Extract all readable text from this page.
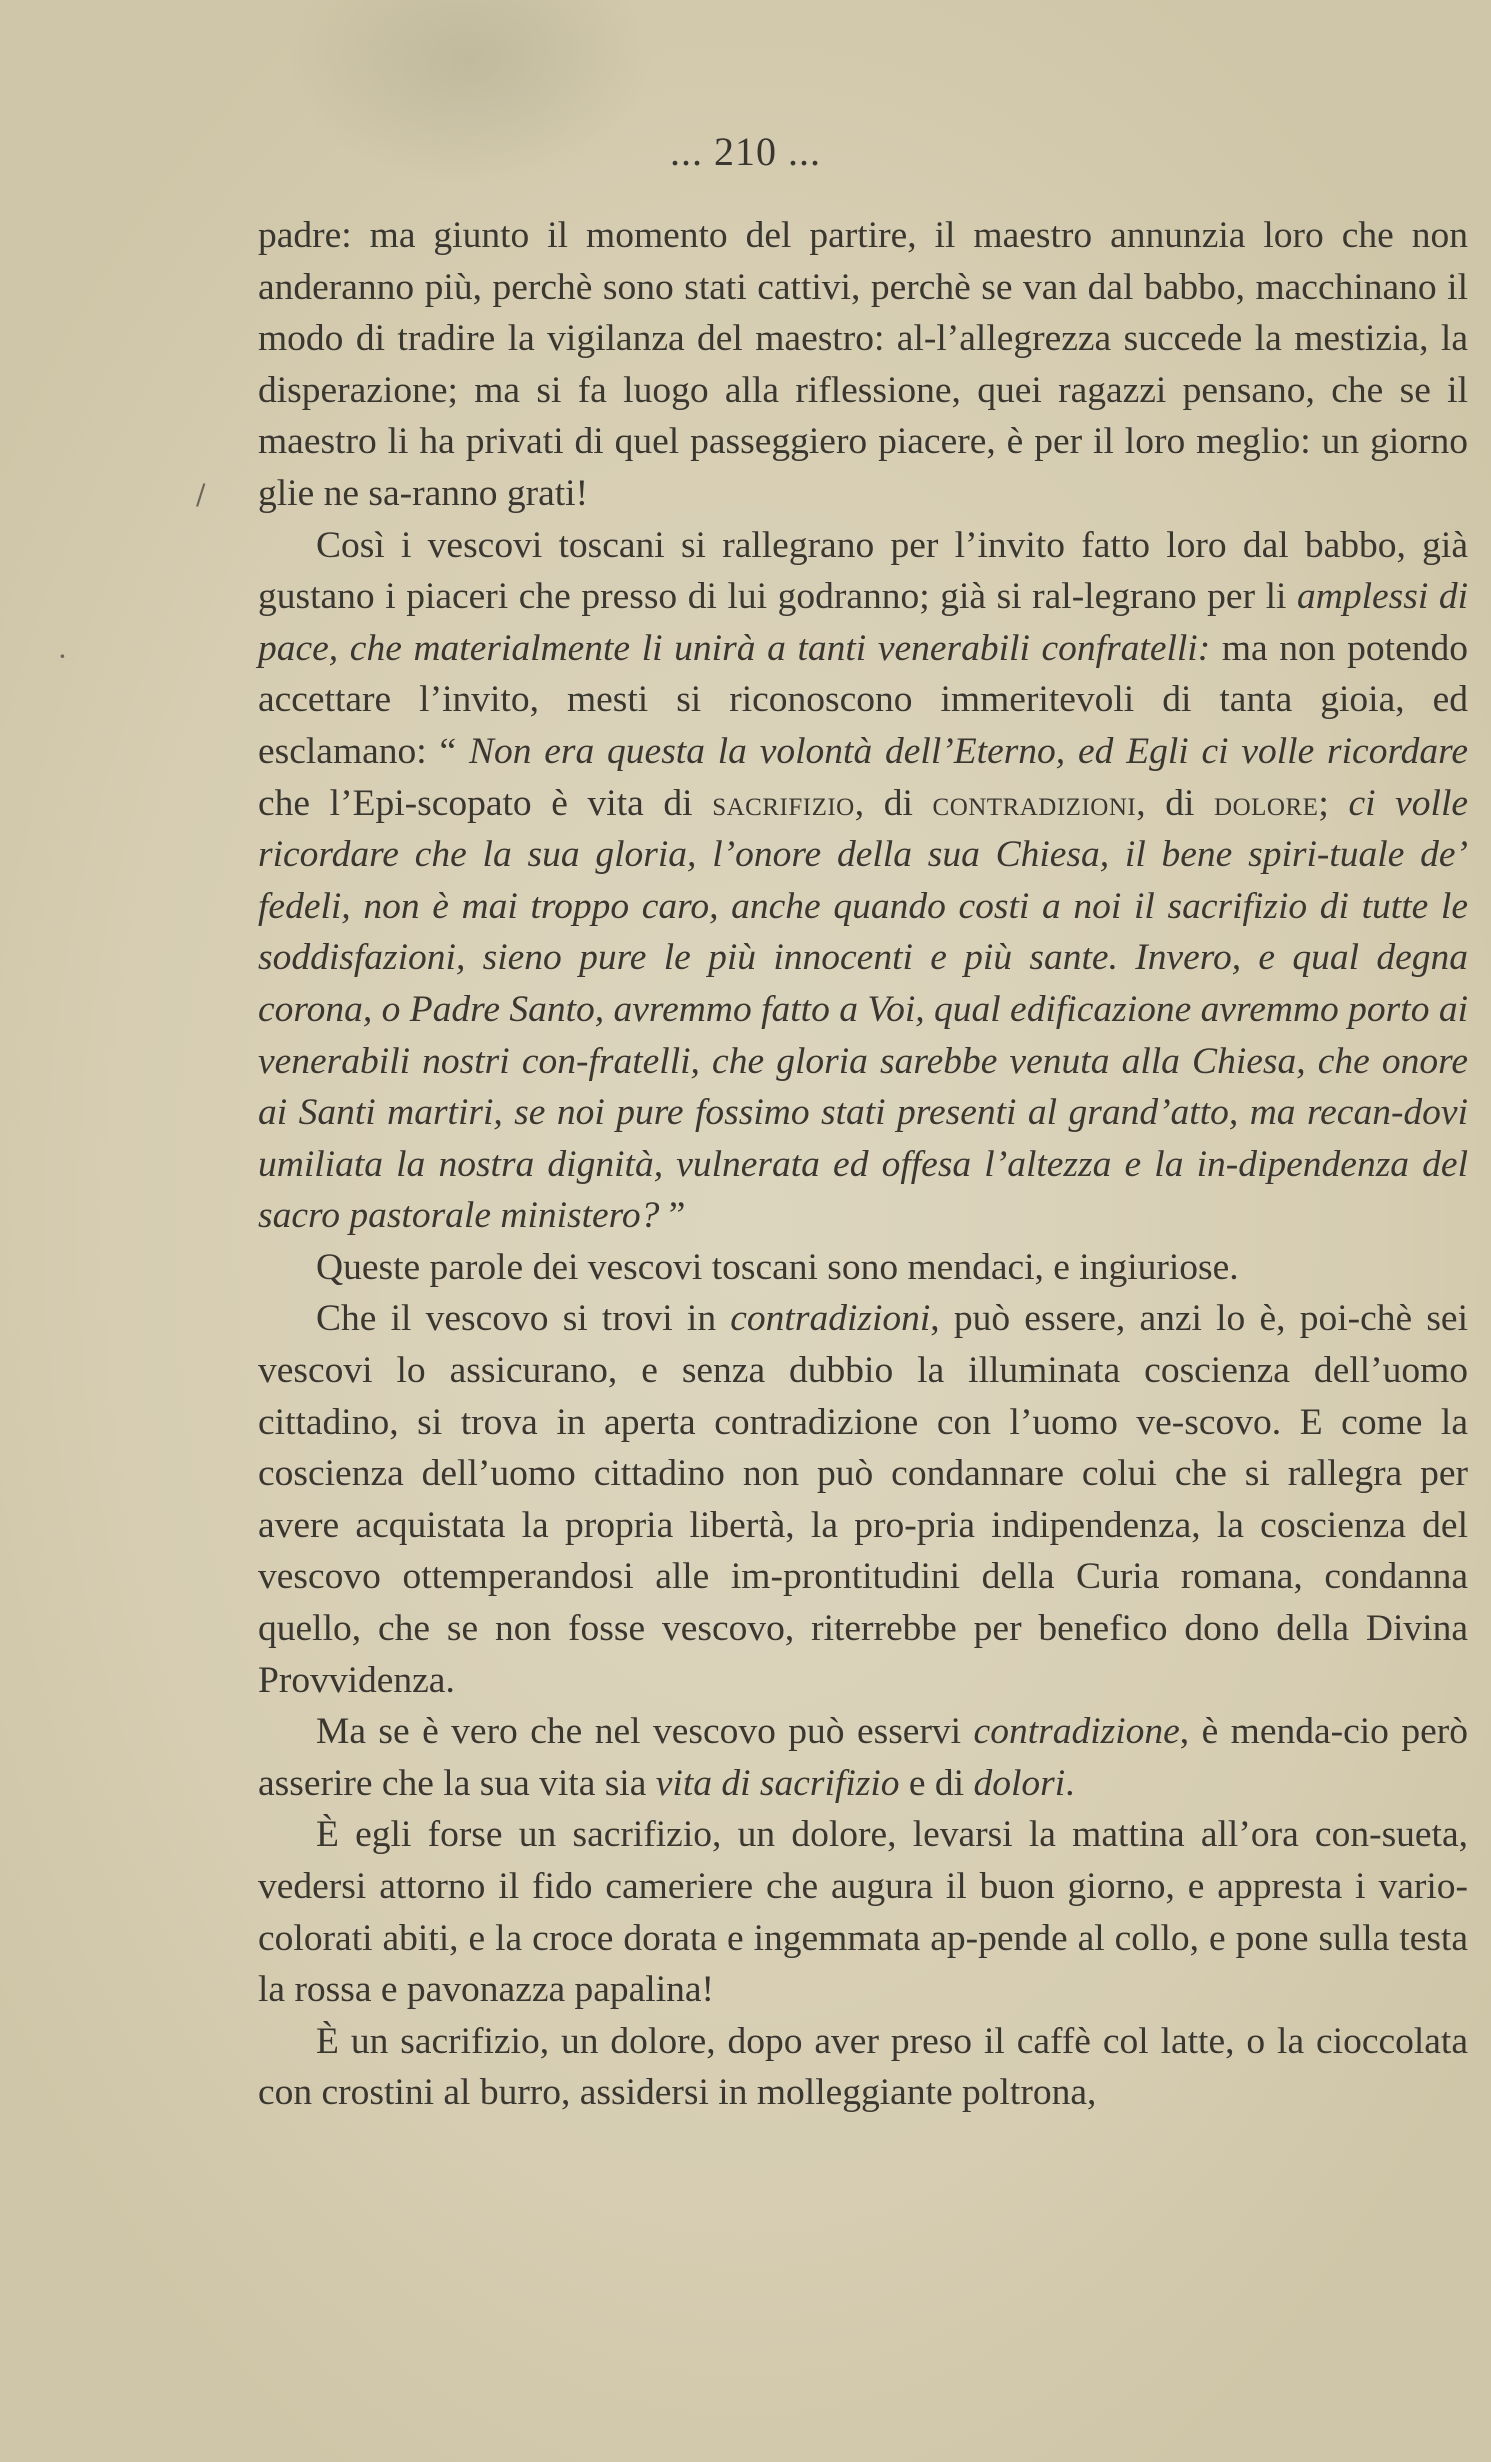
... 210 ...
·
/

padre: ma giunto il momento del partire, il maestro annunzia loro che non anderanno più, perchè sono stati cattivi, perchè se van dal babbo, macchinano il modo di tradire la vigilanza del maestro: al-l’allegrezza succede la mestizia, la disperazione; ma si fa luogo alla riflessione, quei ragazzi pensano, che se il maestro li ha privati di quel passeggiero piacere, è per il loro meglio: un giorno glie ne sa-ranno grati!

Così i vescovi toscani si rallegrano per l’invito fatto loro dal babbo, già gustano i piaceri che presso di lui godranno; già si ral-legrano per li amplessi di pace, che materialmente li unirà a tanti venerabili confratelli: ma non potendo accettare l’invito, mesti si riconoscono immeritevoli di tanta gioia, ed esclamano: “ Non era questa la volontà dell’Eterno, ed Egli ci volle ricordare che l’Epi-scopato è vita di sacrifizio, di contradizioni, di dolore; ci volle ricordare che la sua gloria, l’onore della sua Chiesa, il bene spiri-tuale de’ fedeli, non è mai troppo caro, anche quando costi a noi il sacrifizio di tutte le soddisfazioni, sieno pure le più innocenti e più sante. Invero, e qual degna corona, o Padre Santo, avremmo fatto a Voi, qual edificazione avremmo porto ai venerabili nostri con-fratelli, che gloria sarebbe venuta alla Chiesa, che onore ai Santi martiri, se noi pure fossimo stati presenti al grand’atto, ma recan-dovi umiliata la nostra dignità, vulnerata ed offesa l’altezza e la in-dipendenza del sacro pastorale ministero? ”

Queste parole dei vescovi toscani sono mendaci, e ingiuriose.

Che il vescovo si trovi in contradizioni, può essere, anzi lo è, poi-chè sei vescovi lo assicurano, e senza dubbio la illuminata coscienza dell’uomo cittadino, si trova in aperta contradizione con l’uomo ve-scovo. E come la coscienza dell’uomo cittadino non può condannare colui che si rallegra per avere acquistata la propria libertà, la pro-pria indipendenza, la coscienza del vescovo ottemperandosi alle im-prontitudini della Curia romana, condanna quello, che se non fosse vescovo, riterrebbe per benefico dono della Divina Provvidenza.

Ma se è vero che nel vescovo può esservi contradizione, è menda-cio però asserire che la sua vita sia vita di sacrifizio e di dolori.

È egli forse un sacrifizio, un dolore, levarsi la mattina all’ora con-sueta, vedersi attorno il fido cameriere che augura il buon giorno, e appresta i vario-colorati abiti, e la croce dorata e ingemmata ap-pende al collo, e pone sulla testa la rossa e pavonazza papalina!

È un sacrifizio, un dolore, dopo aver preso il caffè col latte, o la cioccolata con crostini al burro, assidersi in molleggiante poltrona,
